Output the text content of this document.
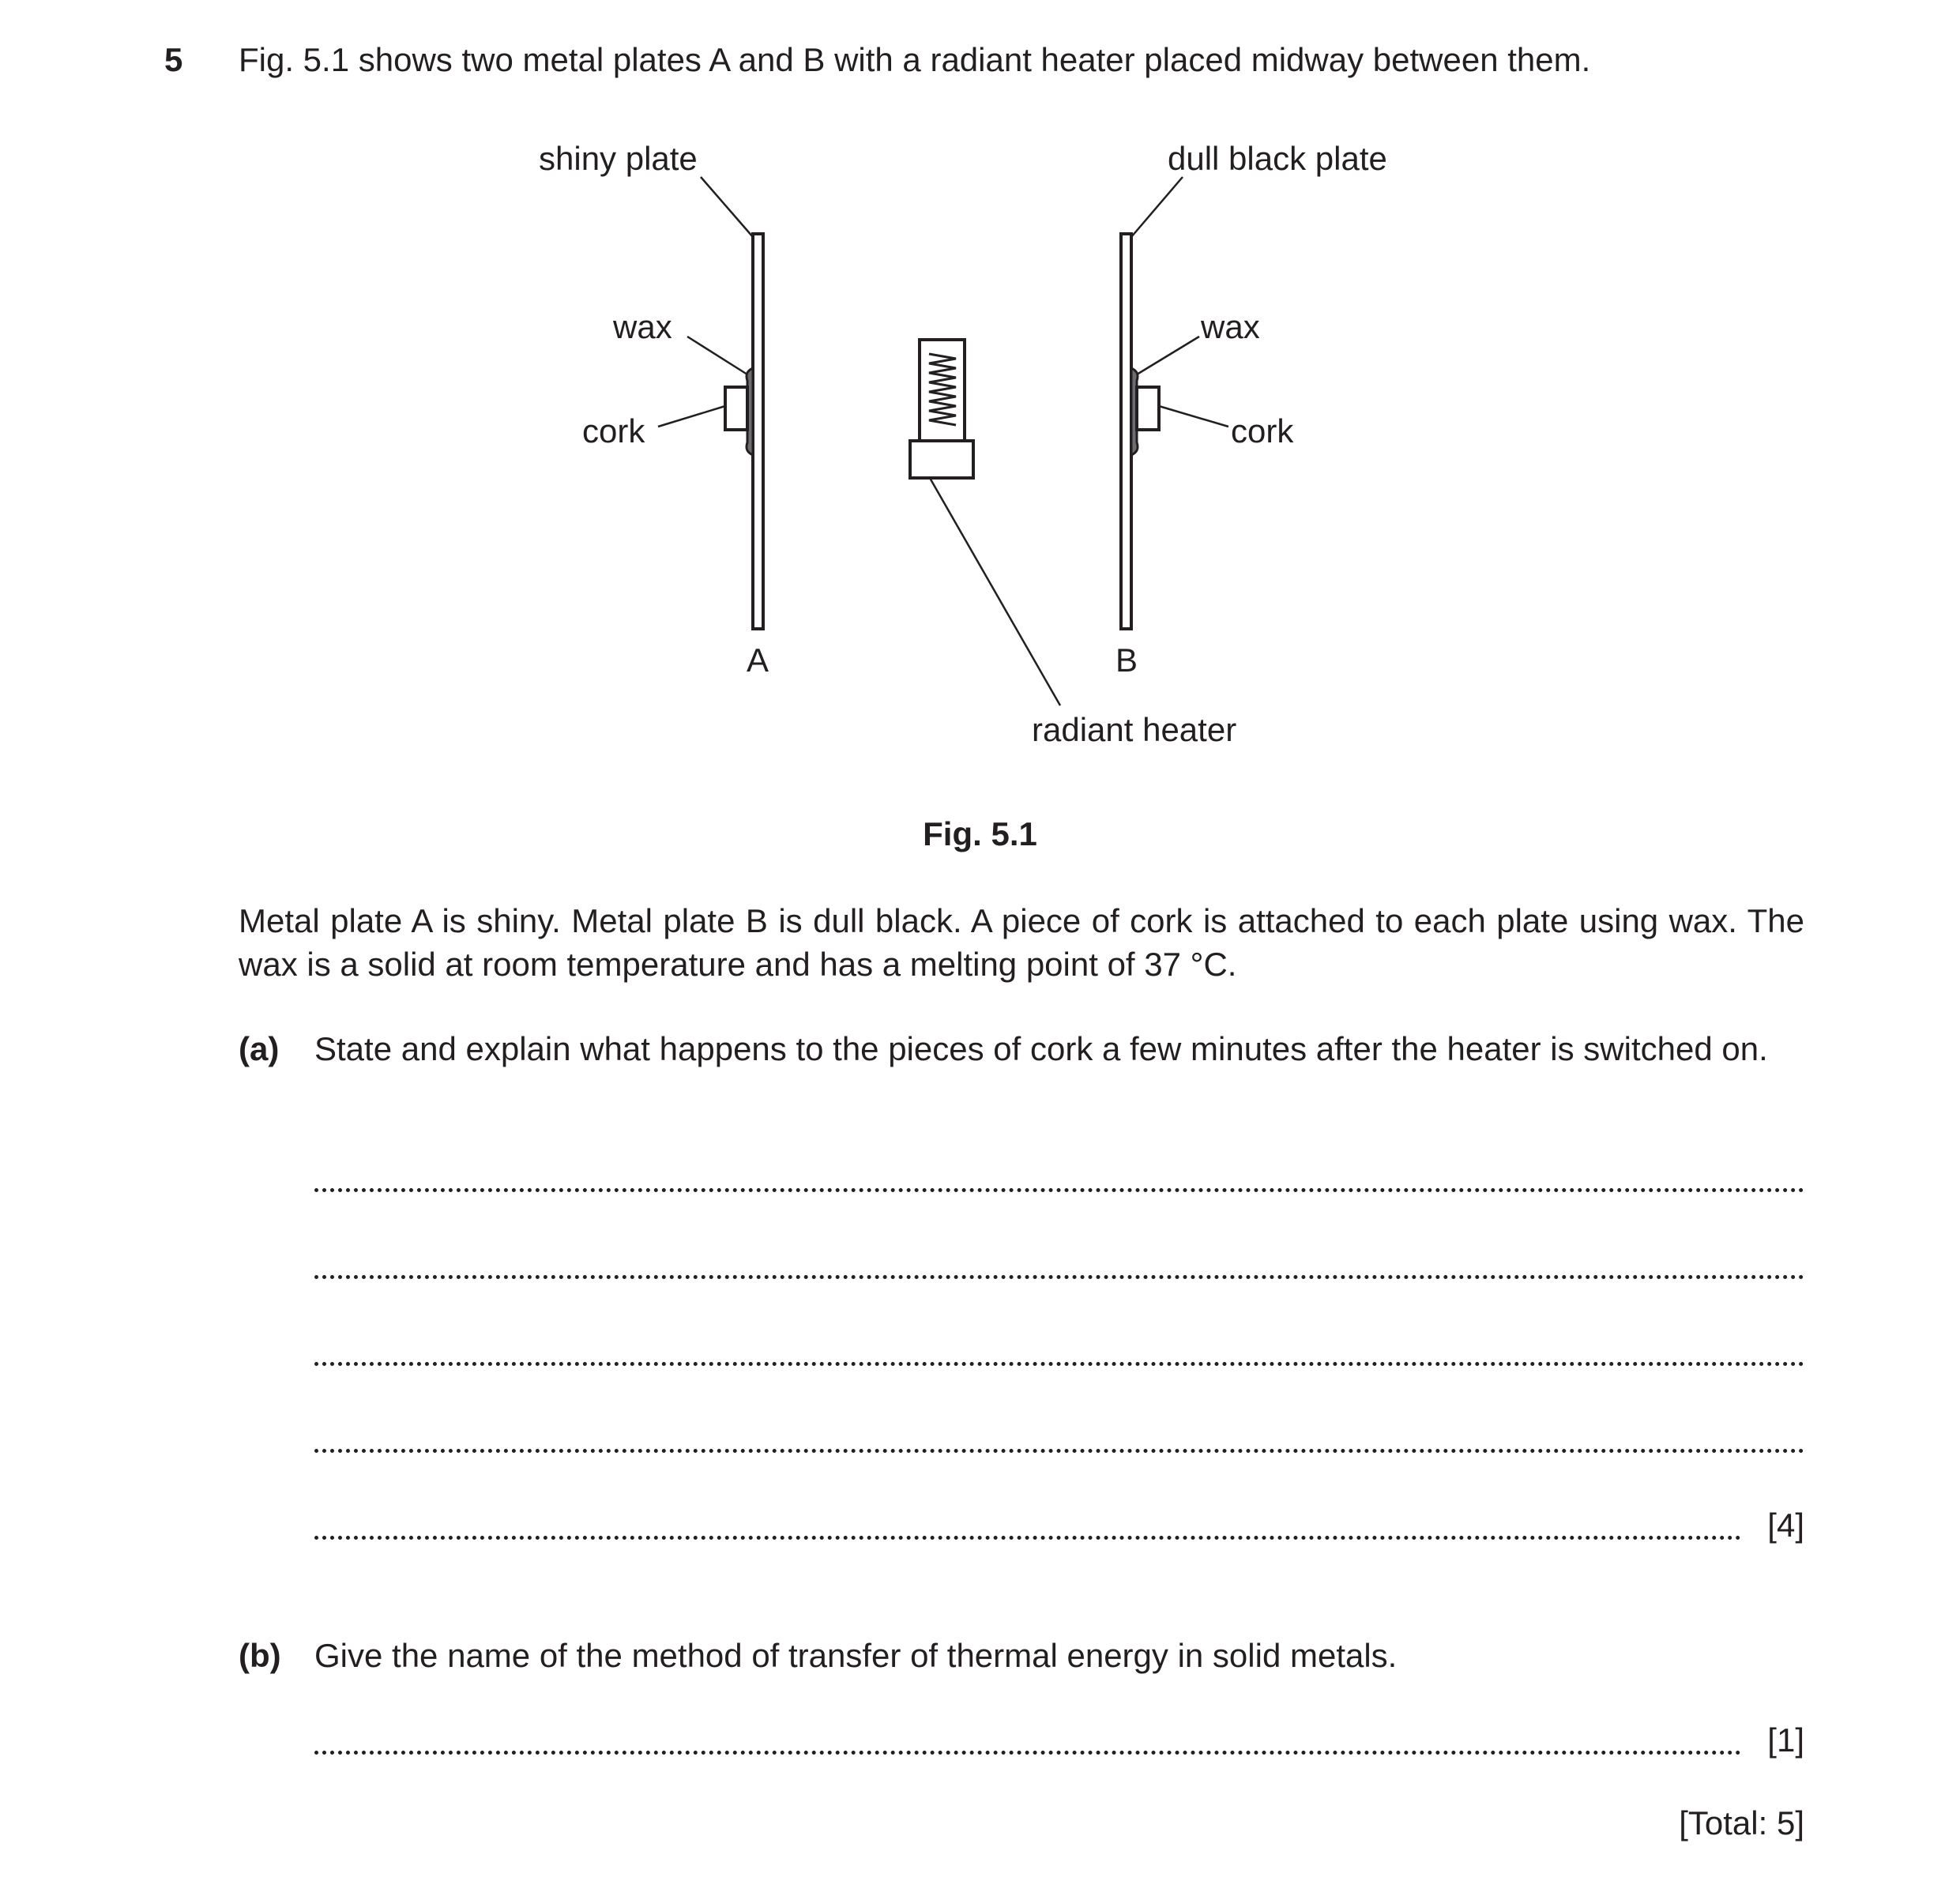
5 Fig. 5.1 shows two metal plates A and B with a radiant heater placed midway between them.
shiny plate	dull black plate
wax
cork
wax
cork
A	B
radiant heater
Fig. 5.1
Metal plate A is shiny. Metal plate B is dull black. A piece of cork is attached to each plate using wax. The wax is a solid at room temperature and has a melting point of 37 °C.
(a) State and explain what happens to the pieces of cork a few minutes after the heater is switched on.
[4]
(b) Give the name of the method of transfer of thermal energy in solid metals.
[1]
[Total: 5]
